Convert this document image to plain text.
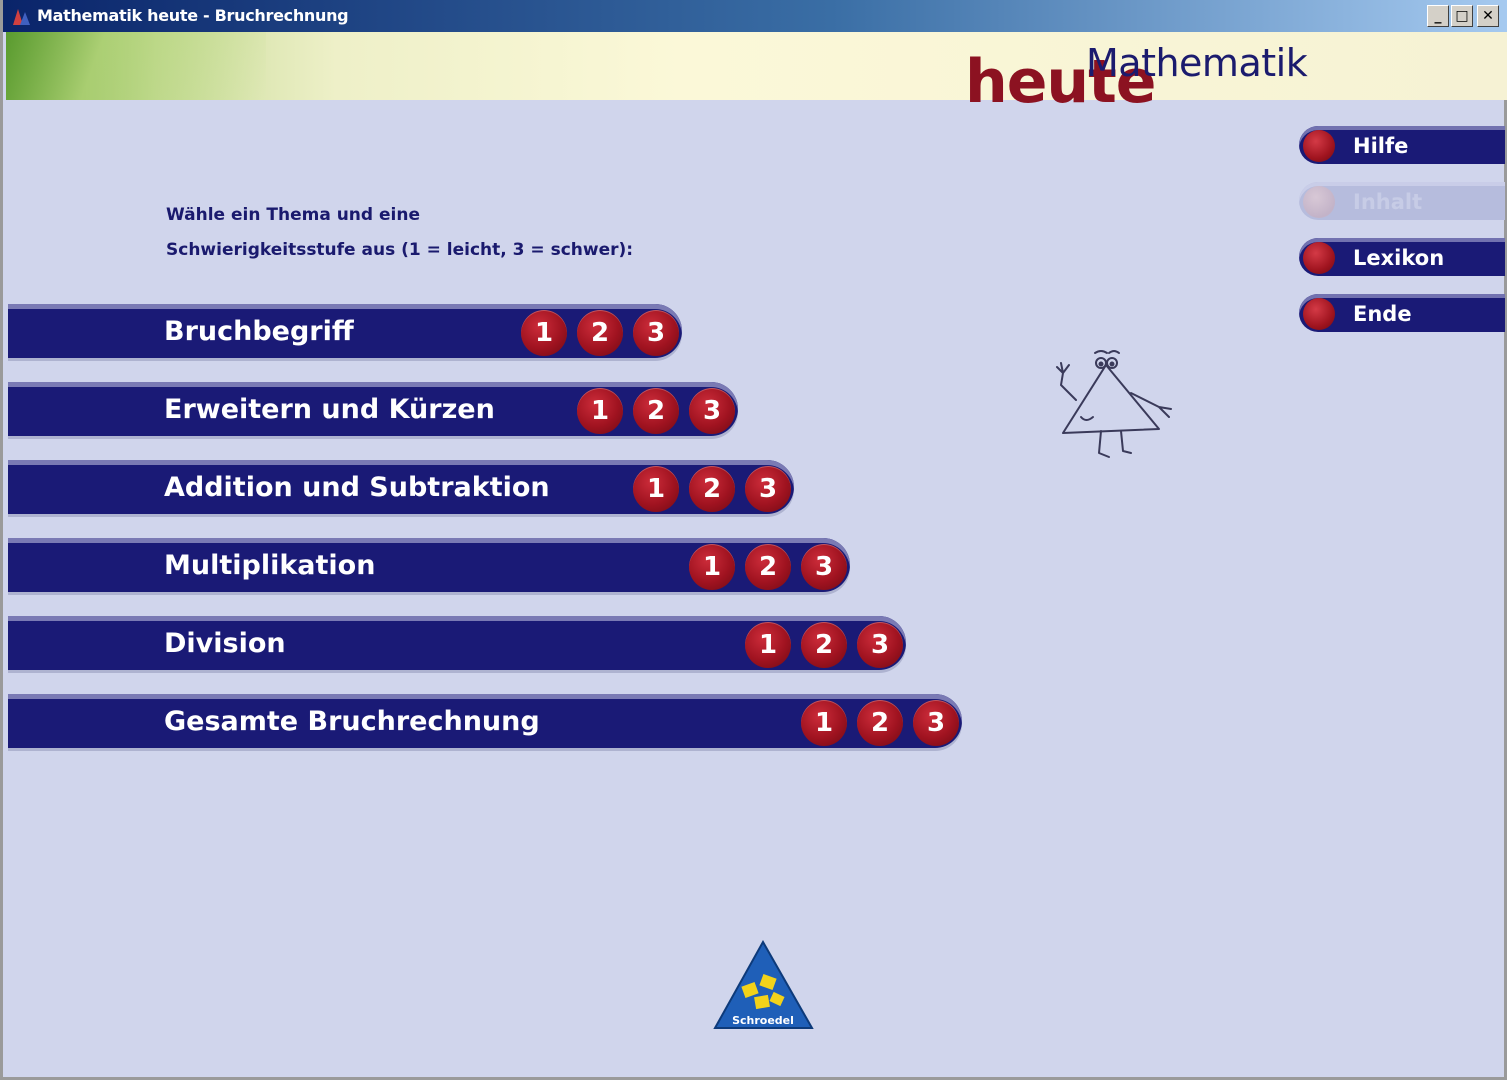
Mathematik heute - Bruchrechnung	_ □ ✕
heute
Mathematik
Hilfe
Inhalt
Lexikon
Ende
Wähle ein Thema und eine
Schwierigkeitsstufe aus (1 = leicht, 3 = schwer):
Bruchbegriff	1	2	3
Erweitern und Kürzen	1	2	3
Addition und Subtraktion	1	2	3
Multiplikation	1	2	3
Division	1	2	3
Gesamte Bruchrechnung	1	2	3
Schroedel
